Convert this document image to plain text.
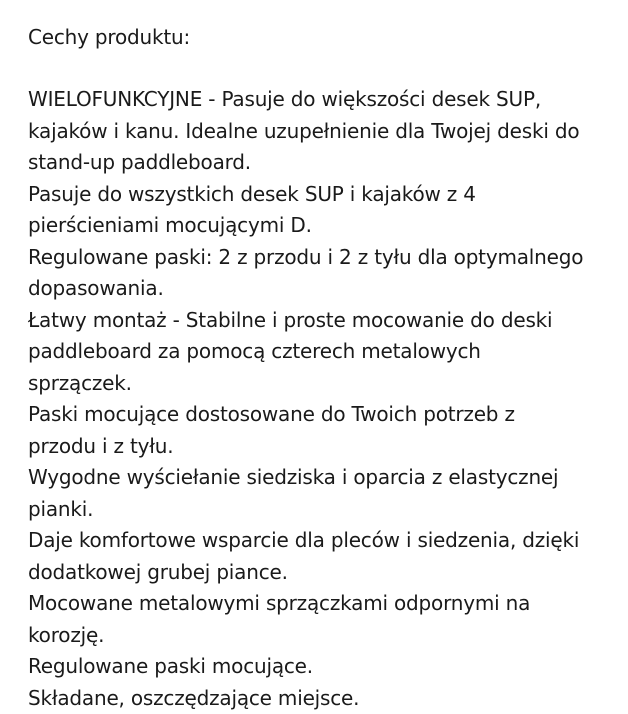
Cechy produktu:
WIELOFUNKCYJNE - Pasuje do większości desek SUP,
kajaków i kanu. Idealne uzupełnienie dla Twojej deski do
stand-up paddleboard.
Pasuje do wszystkich desek SUP i kajaków z 4
pierścieniami mocującymi D.
Regulowane paski: 2 z przodu i 2 z tyłu dla optymalnego
dopasowania.
Łatwy montaż - Stabilne i proste mocowanie do deski
paddleboard za pomocą czterech metalowych
sprzączek.
Paski mocujące dostosowane do Twoich potrzeb z
przodu i z tyłu.
Wygodne wyściełanie siedziska i oparcia z elastycznej
pianki.
Daje komfortowe wsparcie dla pleców i siedzenia, dzięki
dodatkowej grubej piance.
Mocowane metalowymi sprzączkami odpornymi na
korozję.
Regulowane paski mocujące.
Składane, oszczędzające miejsce.
